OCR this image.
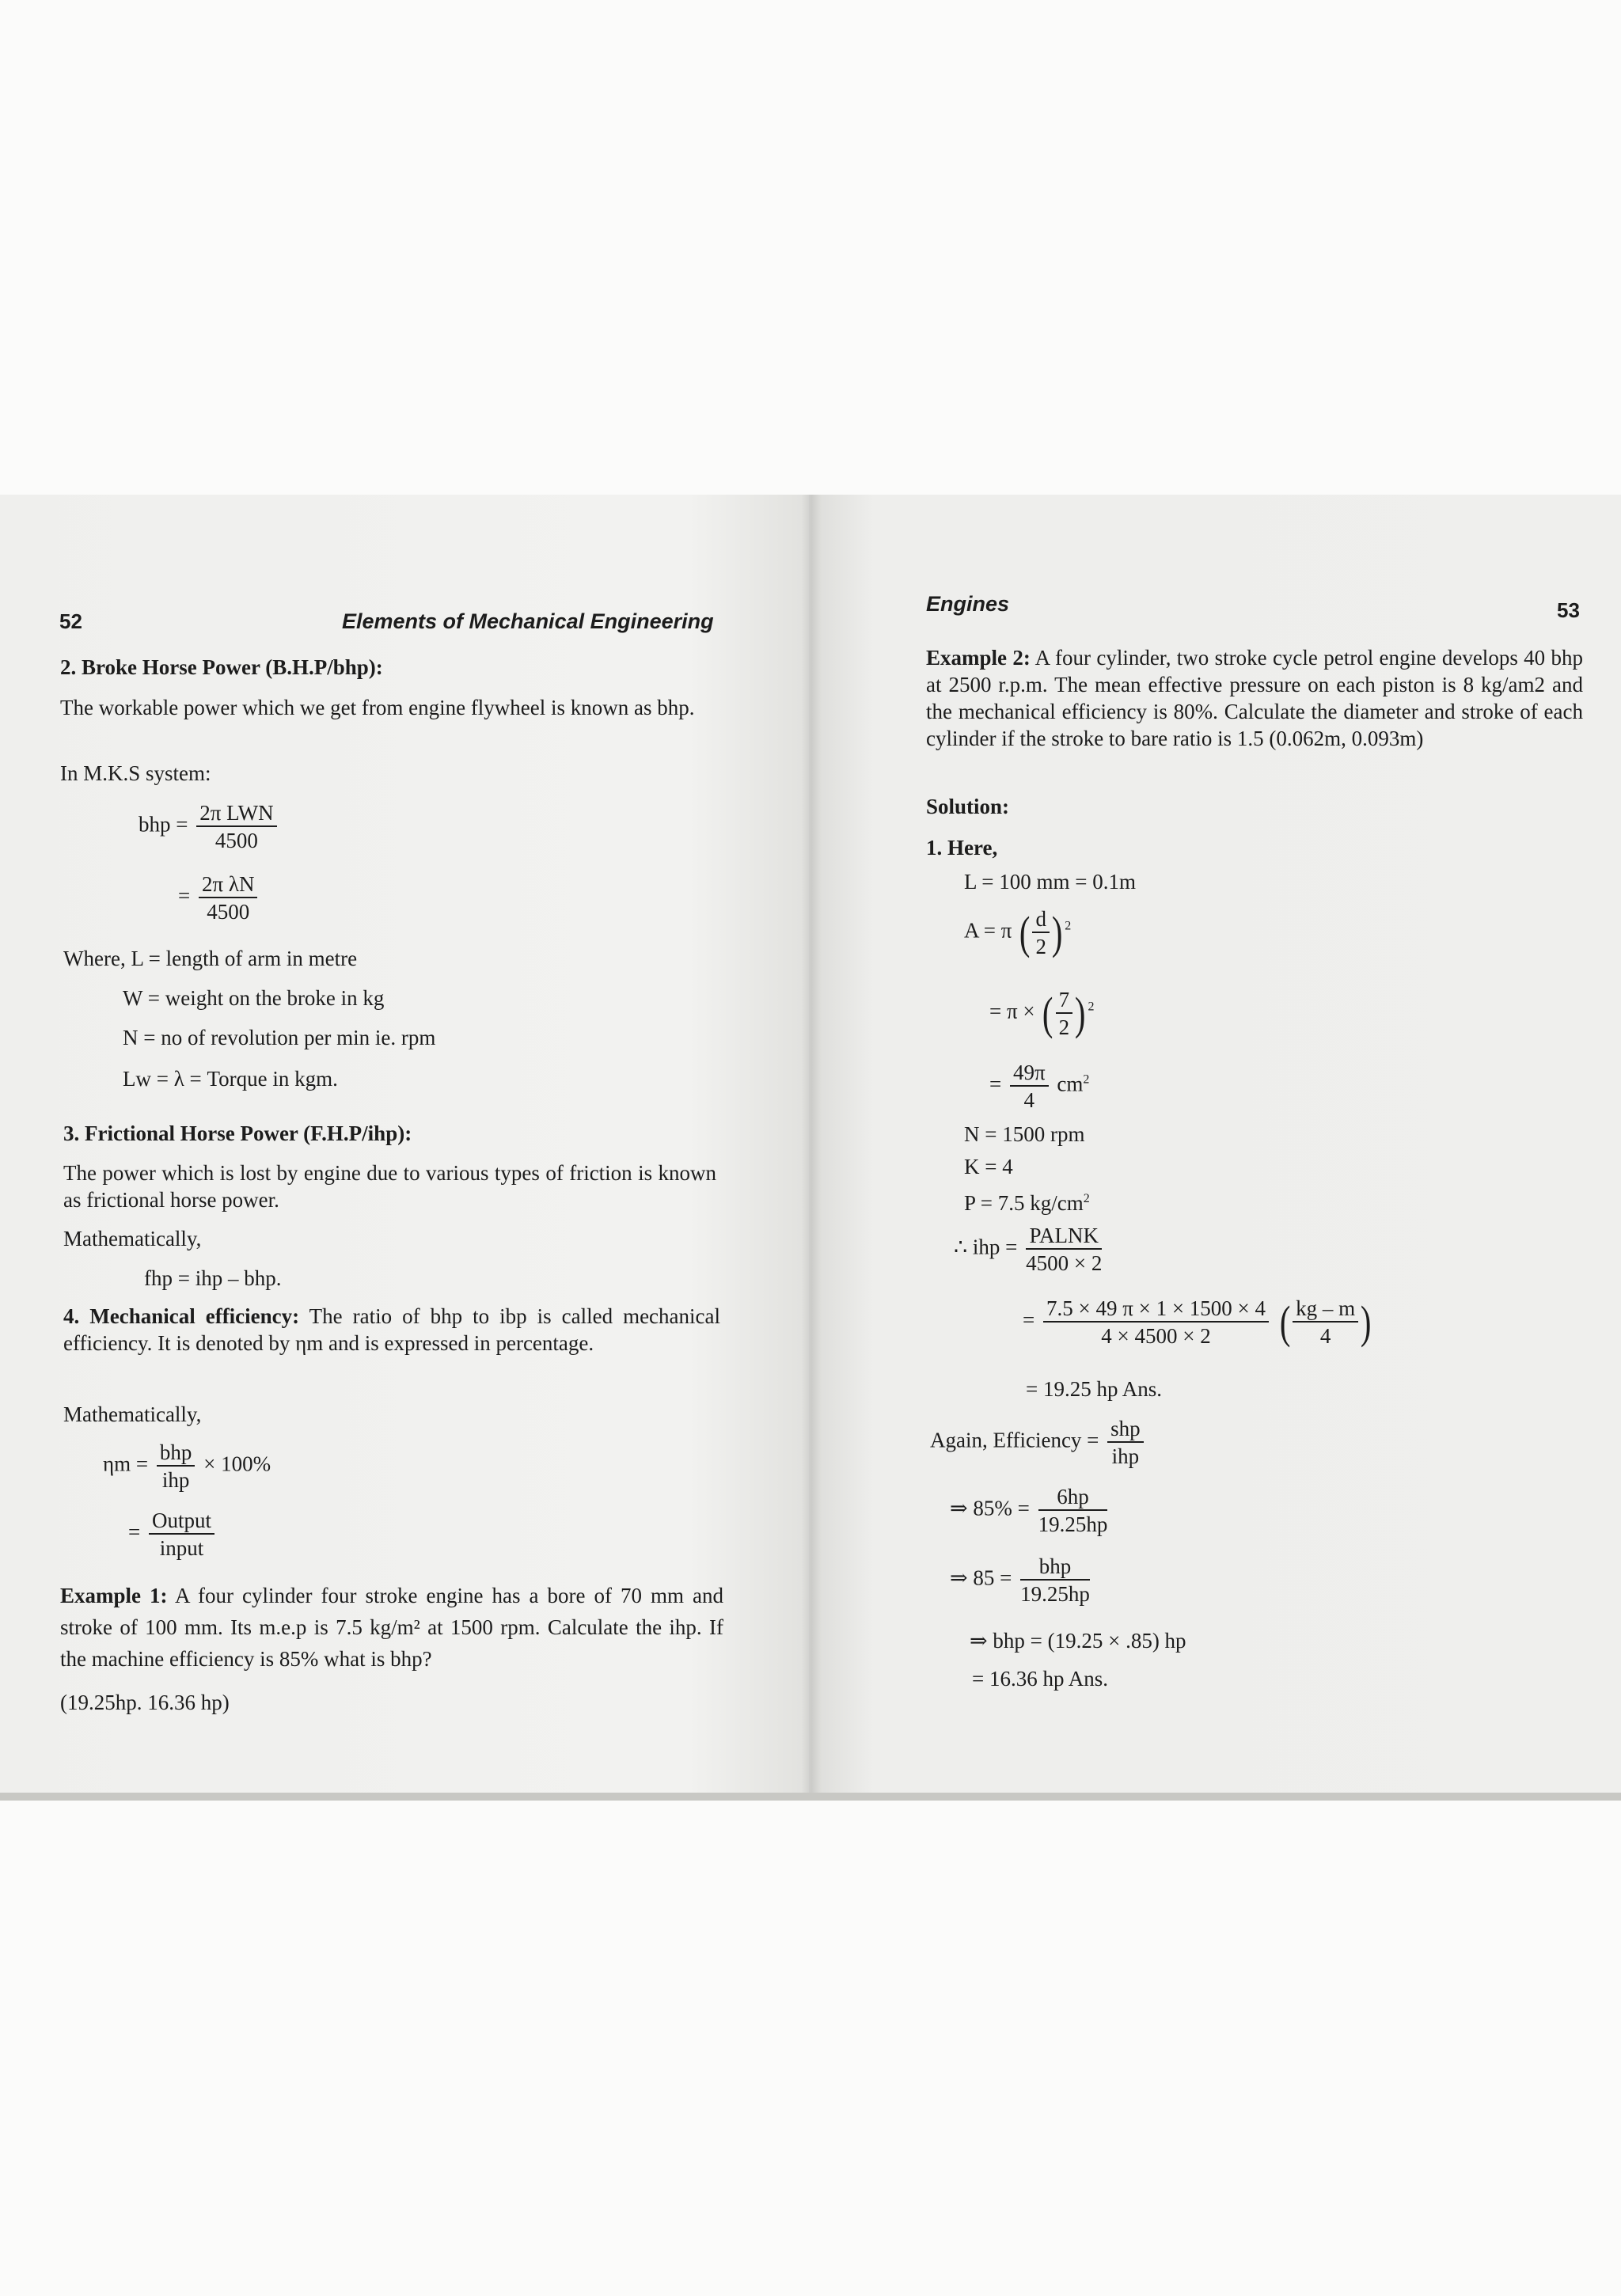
52	Elements of Mechanical Engineering
2. Broke Horse Power (B.H.P/bhp):
The workable power which we get from engine flywheel is known as bhp.
In M.K.S system:
bhp = $\frac{\text{2π LWN}}{4500}$
= $\frac{\text{2π λN}}{4500}$
Where, L = length of arm in metre
W = weight on the broke in kg
N = no of revolution per min ie. rpm
Lw = λ = Torque in kgm.
3. Frictional Horse Power (F.H.P/ihp):
The power which is lost by engine due to various types of friction is known as frictional horse power.
Mathematically,
fhp = ihp – bhp.
4. Mechanical efficiency: The ratio of bhp to ibp is called mechanical efficiency. It is denoted by ηm and is expressed in percentage.
Mathematically,
$\eta m = \frac{\text{bhp}}{\text{ihp}} \times 100\%$
= $\frac{\text{Output}}{\text{input}}$
Example 1: A four cylinder four stroke engine has a bore of 70 mm and stroke of 100 mm. Its m.e.p is 7.5 kg/m² at 1500 rpm. Calculate the ihp. If the machine efficiency is 85% what is bhp?
(19.25hp. 16.36 hp)
Engines	53
Example 2: A four cylinder, two stroke cycle petrol engine develops 40 bhp at 2500 r.p.m. The mean effective pressure on each piston is 8 kg/am2 and the mechanical efficiency is 80%. Calculate the diameter and stroke of each cylinder if the stroke to bare ratio is 1.5 (0.062m, 0.093m)
Solution:
1. Here,
L = 100 mm = 0.1m
A = π ( $\frac{d}{2}$ ) $^2$
= π × ( $\frac{7}{2}$ ) $^2$
= $\frac{49\pi}{4} cm^2$
N = 1500 rpm
K = 4
P = 7.5 $kg/cm^2$
∴ ihp = $\frac{\text{PALNK}}{4500 \times 2}$
= $\frac{7.5 \times 49 \pi \times 1 \times 1500 \times 4}{4 \times 4500 \times 2}$ ( $\frac{kg - m}{4}$ )
= 19.25 hp Ans.
Again, Efficiency = $\frac{\text{shp}}{\text{ihp}}$
⇒ $85\% = \frac{6hp}{19.25hp}$
⇒ $85 = \frac{\text{bhp}}{19.25hp}$
⇒ bhp = (19.25 × .85) hp
= 16.36 hp Ans.
